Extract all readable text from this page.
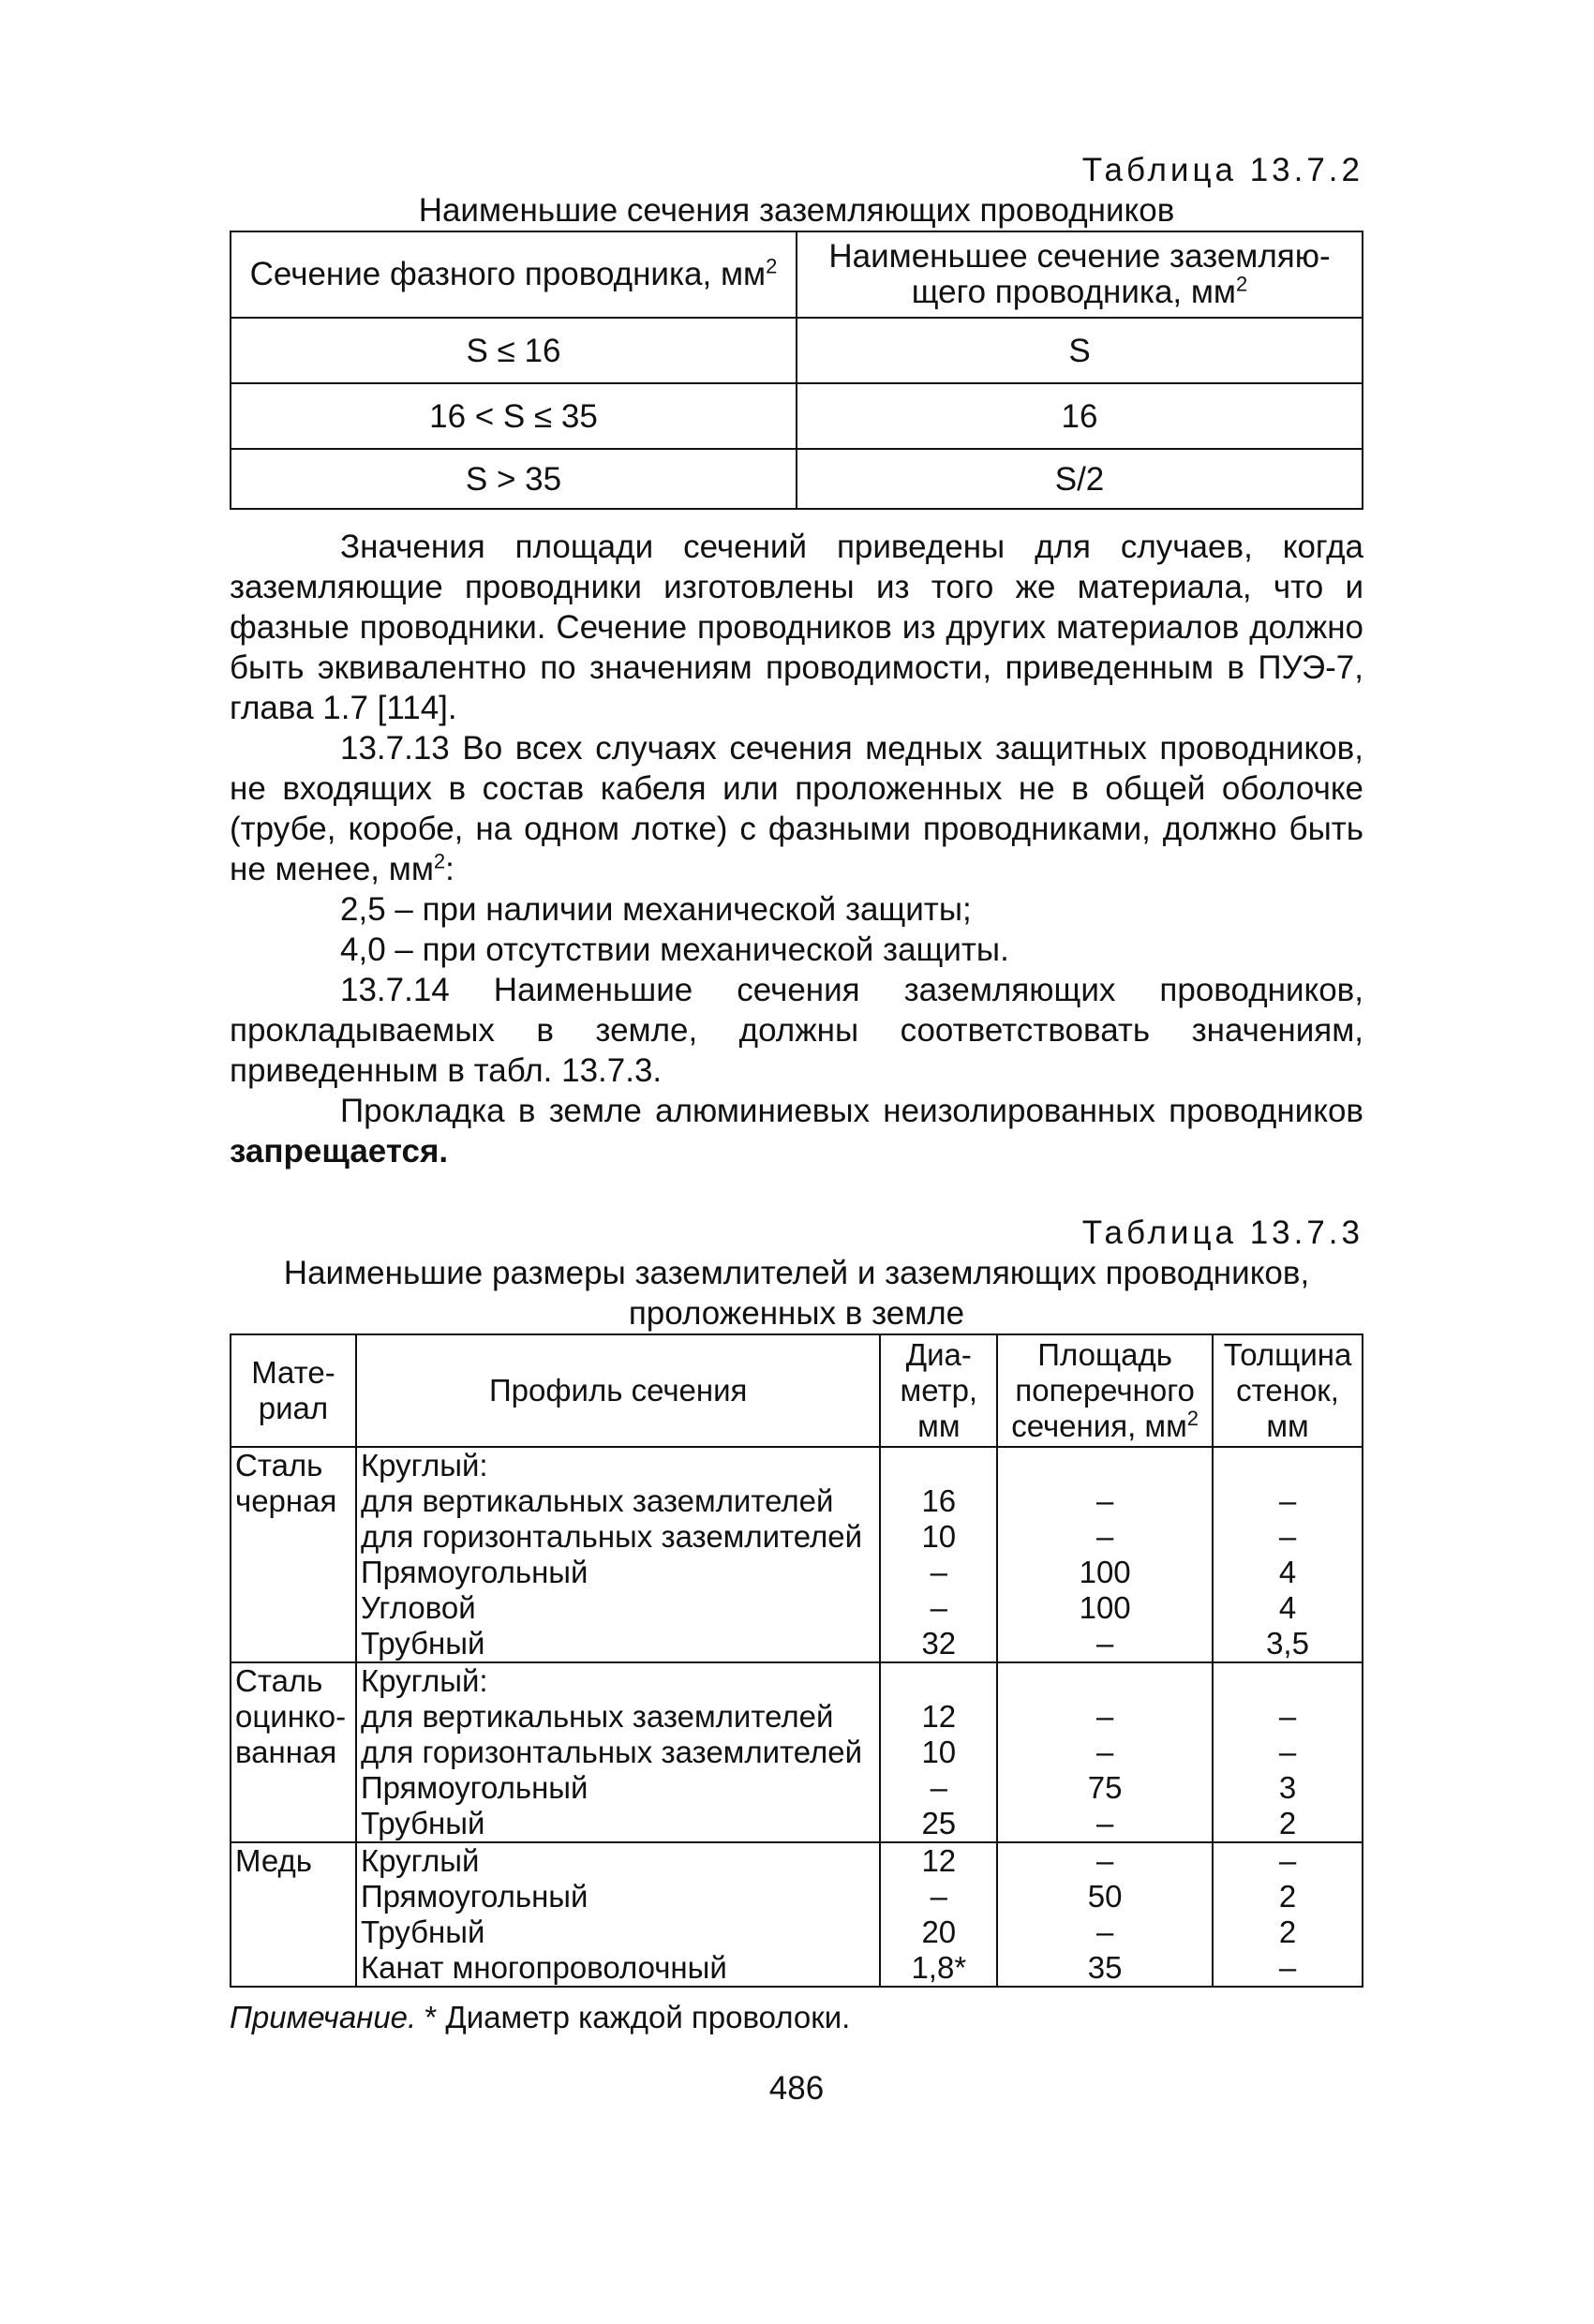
Таблица 13.7.2

Наименьшие сечения заземляющих проводников

Сечение фазного проводника, $мм^2$	Наименьшее сечение заземляю-щего проводника, $мм^2$
S ≤ 16	S
16 < S ≤ 35	16
S > 35	S/2

Значения площади сечений приведены для случаев, когда заземляющие проводники изготовлены из того же материала, что и фазные проводники. Сечение проводников из других материалов должно быть эквивалентно по значениям проводимости, приведенным в ПУЭ-7, глава 1.7 [114].

13.7.13 Во всех случаях сечения медных защитных проводников, не входящих в состав кабеля или проложенных не в общей оболочке (трубе, коробе, на одном лотке) с фазными проводниками, должно быть не менее, $мм^2$:

2,5 – при наличии механической защиты;

4,0 – при отсутствии механической защиты.

13.7.14 Наименьшие сечения заземляющих проводников, прокладываемых в земле, должны соответствовать значениям, приведенным в табл. 13.7.3.

Прокладка в земле алюминиевых неизолированных проводников запрещается.

Таблица 13.7.3

Наименьшие размеры заземлителей и заземляющих проводников,

проложенных в земле

Мате-риал	Профиль сечения	Диа-метр, мм	Площадь поперечного сечения, $мм^2$	Толщина стенок, мм
Сталь черная	Круглый:			
	для вертикальных заземлителей	16	–	–
	для горизонтальных заземлителей	10	–	–
	Прямоугольный	–	100	4
	Угловой	–	100	4
	Трубный	32	–	3,5
Сталь оцинко-ванная	Круглый:			
	для вертикальных заземлителей	12	–	–
	для горизонтальных заземлителей	10	–	–
	Прямоугольный	–	75	3
	Трубный	25	–	2
Медь	Круглый	12	–	–
	Прямоугольный	–	50	2
	Трубный	20	–	2
	Канат многопроволочный	1,8*	35	–

Примечание. * Диаметр каждой проволоки.

486
